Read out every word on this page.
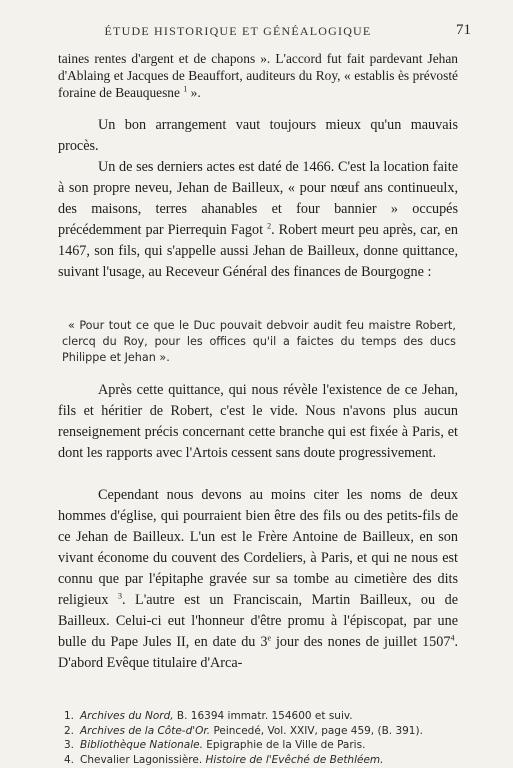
ÉTUDE HISTORIQUE ET GÉNÉALOGIQUE	71

taines rentes d'argent et de chapons ». L'accord fut fait pardevant Jehan d'Ablaing et Jacques de Beauffort, auditeurs du Roy, « establis ès prévosté foraine de Beauquesne $^1$ ».

Un bon arrangement vaut toujours mieux qu'un mauvais procès.

Un de ses derniers actes est daté de 1466. C'est la location faite à son propre neveu, Jehan de Bailleux, « pour nœuf ans continueulx, des maisons, terres ahanables et four bannier » occupés précédemment par Pierrequin Fagot $^2$. Robert meurt peu après, car, en 1467, son fils, qui s'appelle aussi Jehan de Bailleux, donne quittance, suivant l'usage, au Receveur Général des finances de Bourgogne :

« Pour tout ce que le Duc pouvait debvoir audit feu maistre Robert, clercq du Roy, pour les offices qu'il a faictes du temps des ducs Philippe et Jehan ».

Après cette quittance, qui nous révèle l'existence de ce Jehan, fils et héritier de Robert, c'est le vide. Nous n'avons plus aucun renseignement précis concernant cette branche qui est fixée à Paris, et dont les rapports avec l'Artois cessent sans doute progressivement.

Cependant nous devons au moins citer les noms de deux hommes d'église, qui pourraient bien être des fils ou des petits-fils de ce Jehan de Bailleux. L'un est le Frère Antoine de Bailleux, en son vivant économe du couvent des Cordeliers, à Paris, et qui ne nous est connu que par l'épitaphe gravée sur sa tombe au cimetière des dits religieux $^3$. L'autre est un Franciscain, Martin Bailleux, ou de Bailleux. Celui-ci eut l'honneur d'être promu à l'épiscopat, par une bulle du Pape Jules II, en date du 3e jour des nones de juillet 1507$^4$. D'abord Evêque titulaire d'Arca-

1. Archives du Nord, B. 16394 immatr. 154600 et suiv.
2. Archives de la Côte-d'Or. Peincedé, Vol. XXIV, page 459, (B. 391).
3. Bibliothèque Nationale. Epigraphie de la Ville de Paris.
4. Chevalier Lagonissière. Histoire de l'Evêché de Bethléem.
